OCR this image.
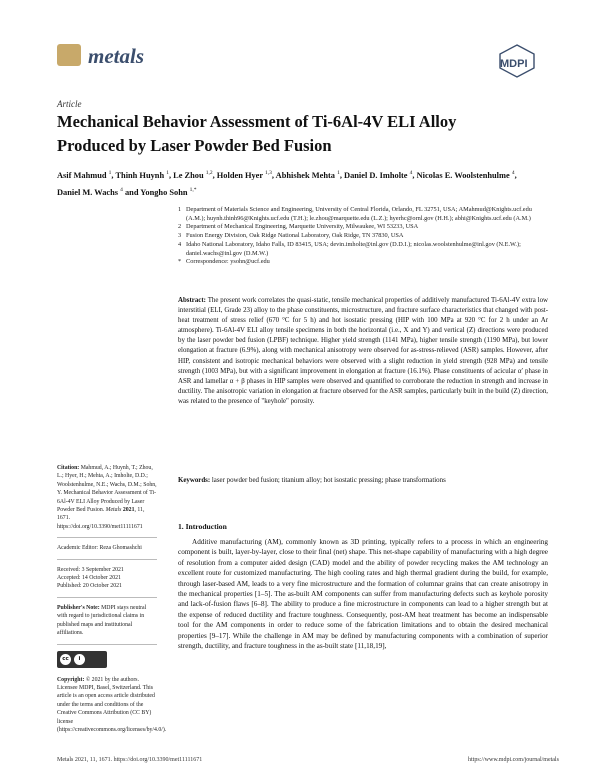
metals	MDPI
Article
Mechanical Behavior Assessment of Ti-6Al-4V ELI Alloy Produced by Laser Powder Bed Fusion
Asif Mahmud $^1$, Thinh Huynh $^1$, Le Zhou $^{1,2}$, Holden Hyer $^{1,3}$, Abhishek Mehta $^1$, Daniel D. Imholte $^4$, Nicolas E. Woolstenhulme $^4$, Daniel M. Wachs $^4$ and Yongho Sohn $^{1,*}$
1 Department of Materials Science and Engineering, University of Central Florida, Orlando, FL 32751, USA; AMahmud@Knights.ucf.edu (A.M.); huynh.thinh96@Knights.ucf.edu (T.H.); le.zhou@marquette.edu (L.Z.); hyerhc@ornl.gov (H.H.); abhi@Knights.ucf.edu (A.M.)
2 Department of Mechanical Engineering, Marquette University, Milwaukee, WI 53233, USA
3 Fusion Energy Division, Oak Ridge National Laboratory, Oak Ridge, TN 37830, USA
4 Idaho National Laboratory, Idaho Falls, ID 83415, USA; devin.imholte@inl.gov (D.D.I.); nicolas.woolstenhulme@inl.gov (N.E.W.); daniel.wachs@inl.gov (D.M.W.)
* Correspondence: ysohn@ucf.edu
Abstract: The present work correlates the quasi-static, tensile mechanical properties of additively manufactured Ti-6Al-4V extra low interstitial (ELI, Grade 23) alloy to the phase constituents, microstructure, and fracture surface characteristics that changed with post-heat treatment of stress relief (670 °C for 5 h) and hot isostatic pressing (HIP with 100 MPa at 920 °C for 2 h under an Ar atmosphere). Ti-6Al-4V ELI alloy tensile specimens in both the horizontal (i.e., X and Y) and vertical (Z) directions were produced by the laser powder bed fusion (LPBF) technique. Higher yield strength (1141 MPa), higher tensile strength (1190 MPa), but lower elongation at fracture (6.9%), along with mechanical anisotropy were observed for as-stress-relieved (ASR) samples. However, after HIP, consistent and isotropic mechanical behaviors were observed with a slight reduction in yield strength (928 MPa) and tensile strength (1003 MPa), but with a significant improvement in elongation at fracture (16.1%). Phase constituents of acicular α′ phase in ASR and lamellar α + β phases in HIP samples were observed and quantified to corroborate the reduction in strength and increase in ductility. The anisotropic variation in elongation at fracture observed for the ASR samples, particularly built in the build (Z) direction, was related to the presence of "keyhole" porosity.
Keywords: laser powder bed fusion; titanium alloy; hot isostatic pressing; phase transformations
Citation: Mahmud, A.; Huynh, T.; Zhou, L.; Hyer, H.; Mehta, A.; Imholte, D.D.; Woolstenhulme, N.E.; Wachs, D.M.; Sohn, Y. Mechanical Behavior Assessment of Ti-6Al-4V ELI Alloy Produced by Laser Powder Bed Fusion. Metals 2021, 11, 1671. https://doi.org/10.3390/met11111671
Academic Editor: Reza Ghomashchi
Received: 3 September 2021
Accepted: 14 October 2021
Published: 20 October 2021
Publisher's Note: MDPI stays neutral with regard to jurisdictional claims in published maps and institutional affiliations.
cc	i
Copyright: © 2021 by the authors. Licensee MDPI, Basel, Switzerland. This article is an open access article distributed under the terms and conditions of the Creative Commons Attribution (CC BY) license (https://creativecommons.org/licenses/by/4.0/).
1. Introduction
Additive manufacturing (AM), commonly known as 3D printing, typically refers to a process in which an engineering component is built, layer-by-layer, close to their final (net) shape. This net-shape capability of manufacturing with a high degree of resolution from a computer aided design (CAD) model and the ability of powder recycling makes the AM technology an excellent route for customized manufacturing. The high cooling rates and high thermal gradient during the build, for example, through laser-based AM, leads to a very fine microstructure and the formation of columnar grains that can create anisotropy in the mechanical properties [1–5]. The as-built AM components can suffer from manufacturing defects such as keyhole porosity and lack-of-fusion flaws [6–8]. The ability to produce a fine microstructure in components can lead to a higher strength but at the expense of reduced ductility and fracture toughness. Consequently, post-AM heat treatment has become an indispensable tool for the AM components in order to reduce some of the fabrication limitations and to obtain the desired mechanical properties [9–17]. While the challenge in AM may be defined by manufacturing components with a combination of superior strength, ductility, and fracture toughness in the as-built state [11,18,19],
Metals 2021, 11, 1671. https://doi.org/10.3390/met11111671	https://www.mdpi.com/journal/metals
